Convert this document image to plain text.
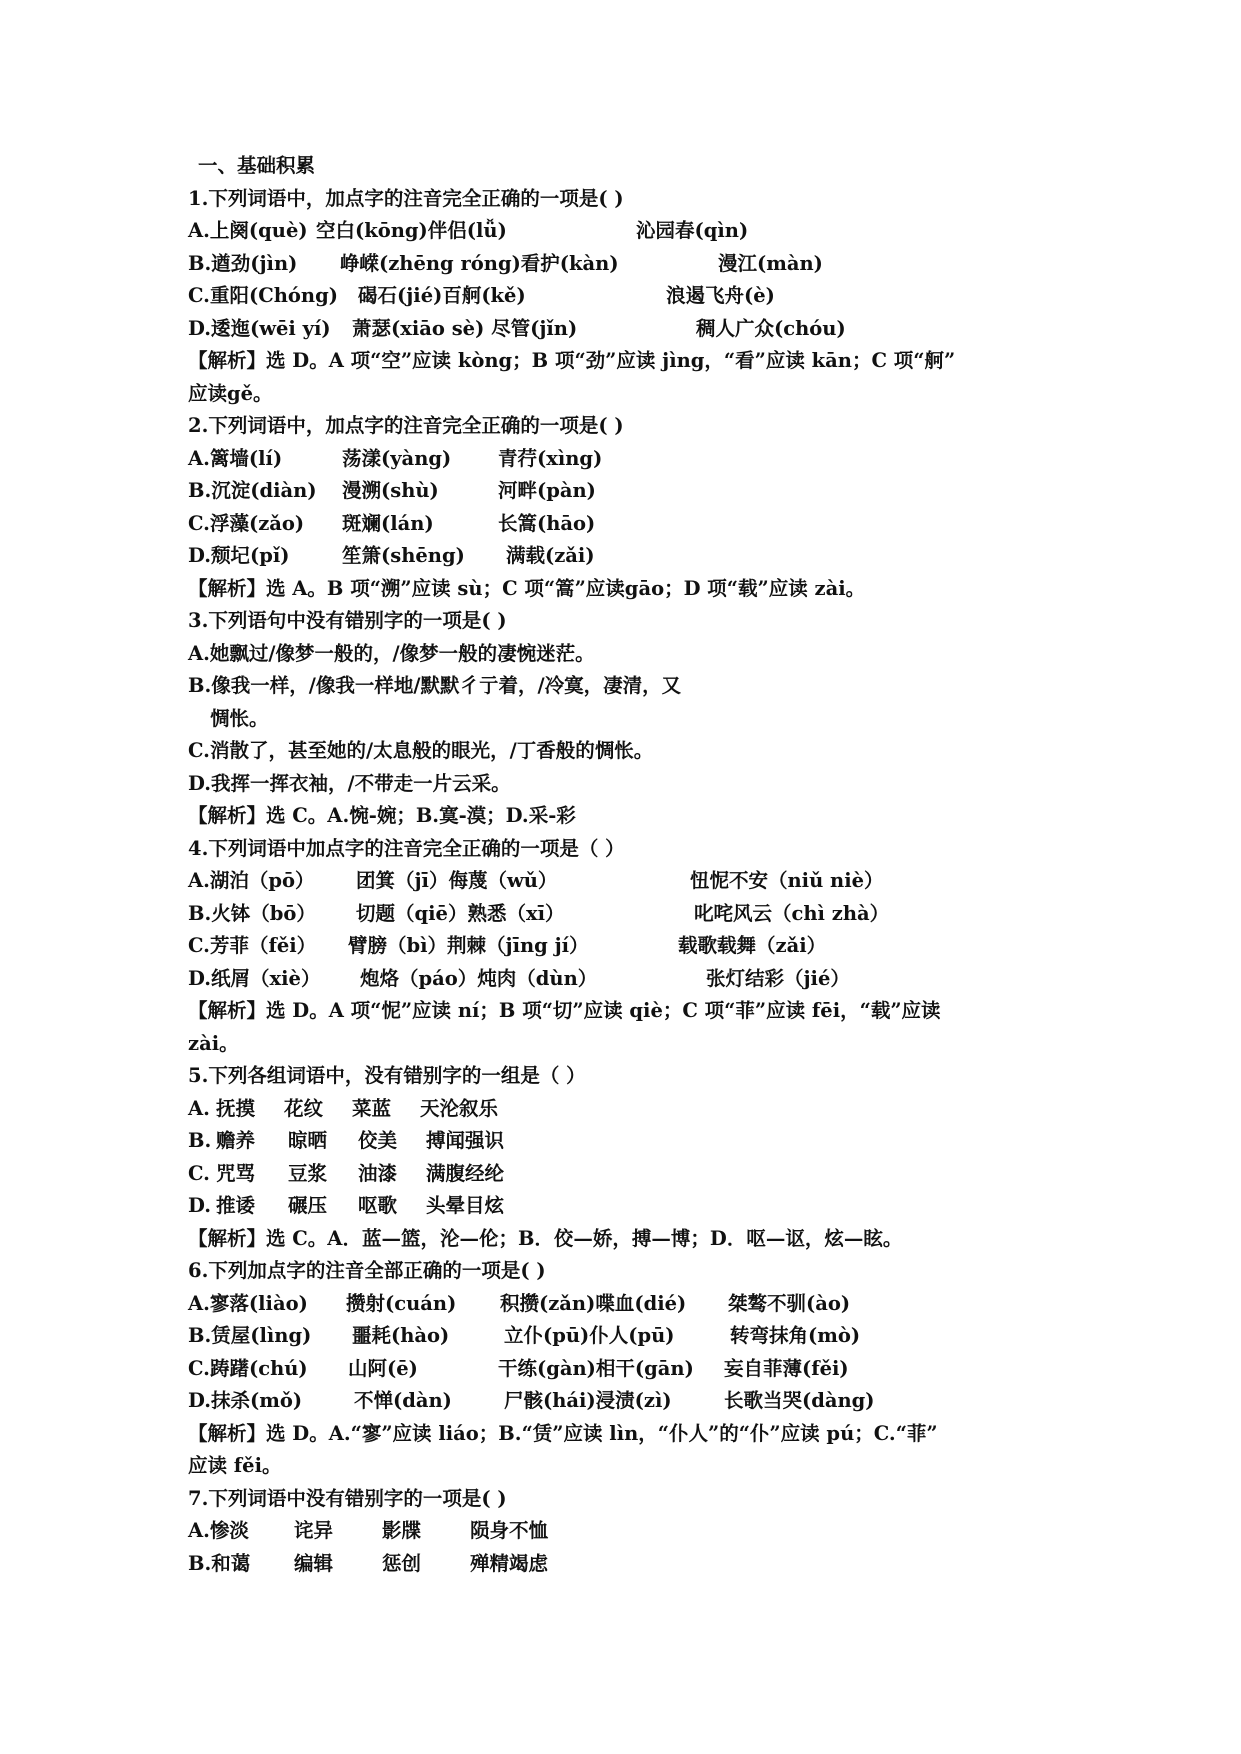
一、基础积累
1.下列词语中，加点字的注音完全正确的一项是( )
A.上阕(què) 空白(kōng)伴侣(lǚ)	沁园春(qìn)
B.遒劲(jìn) 峥嵘(zhēng róng)看护(kàn)	漫江(màn)
C.重阳(Chóng) 碣石(jié)百舸(kě)	浪遏飞舟(è)
D.逶迤(wēi yí) 萧瑟(xiāo sè) 尽管(jǐn)	稠人广众(chóu)
【解析】选 D。A 项“空”应读 kòng；B 项“劲”应读 jìng，“看”应读 kān；C 项“舸”
应读gě。
2.下列词语中，加点字的注音完全正确的一项是( )
A.篱墙(lí)	荡漾(yàng) 青荇(xìng)
B.沉淀(diàn) 漫溯(shù)	河畔(pàn)
C.浮藻(zǎo) 斑斓(lán)	长篙(hāo)
D.颓圮(pǐ)	笙箫(shēng) 满载(zǎi)
【解析】选 A。B 项“溯”应读 sù；C 项“篙”应读gāo；D 项“载”应读 zài。
3.下列语句中没有错别字的一项是( )
A.她飘过/像梦一般的，/像梦一般的凄惋迷茫。
B.像我一样，/像我一样地/默默彳亍着，/冷寞，凄清，又
惆怅。
C.消散了，甚至她的/太息般的眼光，/丁香般的惆怅。
D.我挥一挥衣袖，/不带走一片云采。
【解析】选 C。A.惋-婉；B.寞-漠；D.采-彩
4.下列词语中加点字的注音完全正确的一项是（ ）
A.湖泊（pō） 团箕（jī）侮蔑（wǔ）	忸怩不安（niǔ niè）
B.火钵（bō） 切题（qiē）熟悉（xī）	叱咤风云（chì zhà）
C.芳菲（fěi） 臂膀（bì）荆棘（jīng jí）	载歌载舞（zǎi）
D.纸屑（xiè） 炮烙（páo）炖肉（dùn）	张灯结彩（jié）
【解析】选 D。A 项“怩”应读 ní；B 项“切”应读 qiè；C 项“菲”应读 fēi，“载”应读
zài。
5.下列各组词语中，没有错别字的一组是（ ）
A. 抚摸 花纹 菜蓝 天沦叙乐
B. 赡养 晾晒 佼美 搏闻强识
C. 咒骂 豆浆 油漆 满腹经纶
D. 推诿 碾压 呕歌 头晕目炫
【解析】选 C。A．蓝—篮，沦—伦；B．佼—娇，搏—博；D．呕—讴，炫—眩。
6.下列加点字的注音全部正确的一项是( )
A.寥落(liào) 攒射(cuán) 积攒(zǎn)喋血(dié) 桀骜不驯(ào)
B.赁屋(lìng) 噩耗(hào)	立仆(pū)仆人(pū)	转弯抹角(mò)
C.踌躇(chú) 山阿(ē)	干练(gàn)相干(gān) 妄自菲薄(fěi)
D.抹杀(mǒ)	不惮(dàn)	尸骸(hái)浸渍(zì)	长歌当哭(dàng)
【解析】选 D。A.“寥”应读 liáo；B.“赁”应读 lìn，“仆人”的“仆”应读 pú；C.“菲”
应读 fěi。
7.下列词语中没有错别字的一项是( )
A.惨淡 诧异	影牒	陨身不恤
B.和蔼 编辑	惩创	殚精竭虑
